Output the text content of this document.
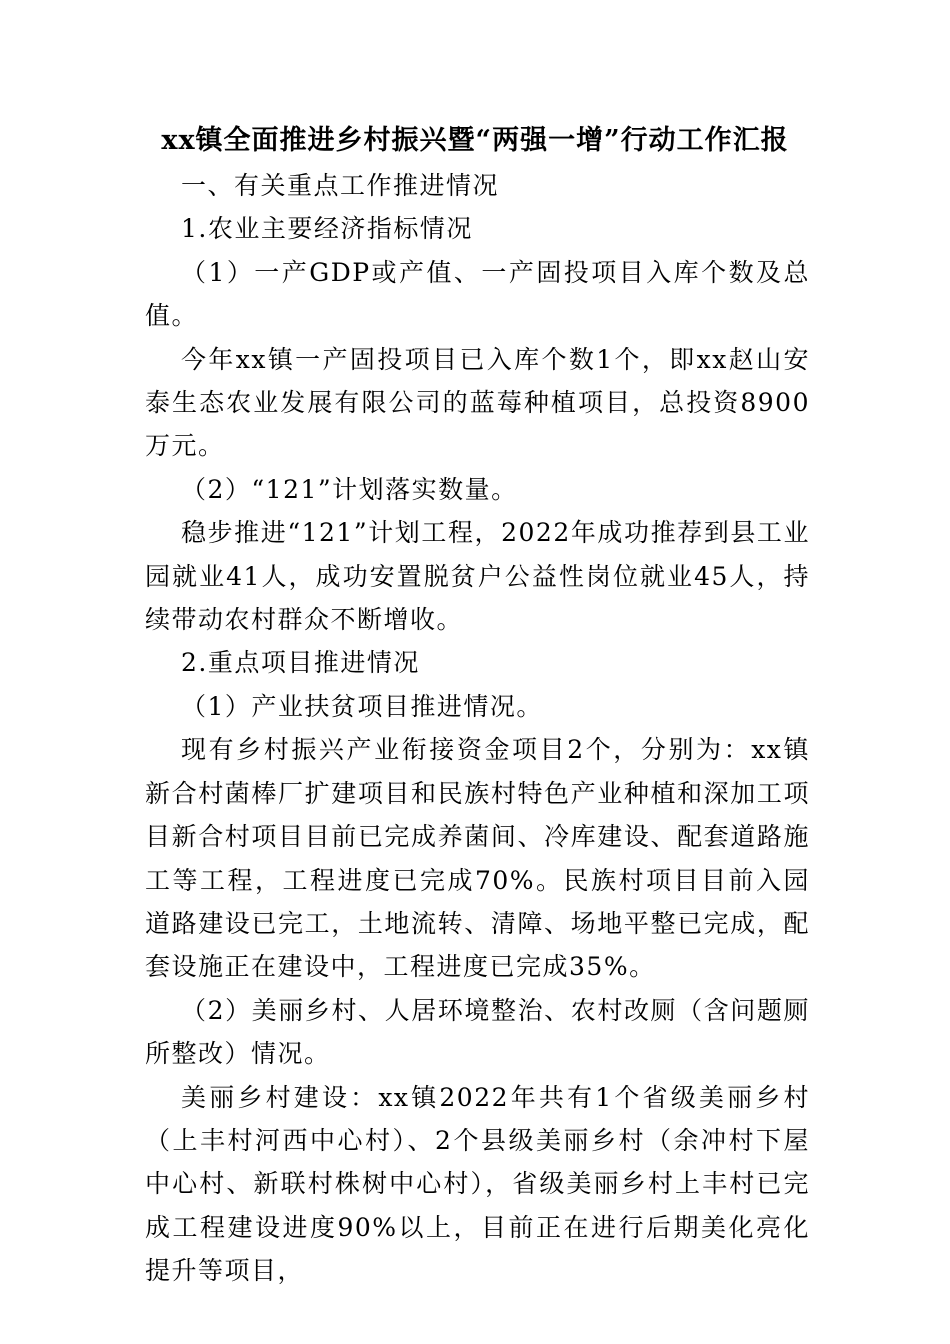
xx镇全面推进乡村振兴暨“两强一增”行动工作汇报

一、有关重点工作推进情况

1.农业主要经济指标情况

（1）一产GDP或产值、一产固投项目入库个数及总值。

今年xx镇一产固投项目已入库个数1个，即xx赵山安泰生态农业发展有限公司的蓝莓种植项目，总投资8900万元。

（2）“121”计划落实数量。

稳步推进“121”计划工程，2022年成功推荐到县工业园就业41人，成功安置脱贫户公益性岗位就业45人，持续带动农村群众不断增收。

2.重点项目推进情况

（1）产业扶贫项目推进情况。

现有乡村振兴产业衔接资金项目2个，分别为：xx镇新合村菌棒厂扩建项目和民族村特色产业种植和深加工项目新合村项目目前已完成养菌间、冷库建设、配套道路施工等工程，工程进度已完成70%。民族村项目目前入园道路建设已完工，土地流转、清障、场地平整已完成，配套设施正在建设中，工程进度已完成35%。

（2）美丽乡村、人居环境整治、农村改厕（含问题厕所整改）情况。

美丽乡村建设：xx镇2022年共有1个省级美丽乡村（上丰村河西中心村）、2个县级美丽乡村（余冲村下屋中心村、新联村株树中心村），省级美丽乡村上丰村已完成工程建设进度90%以上，目前正在进行后期美化亮化提升等项目，
